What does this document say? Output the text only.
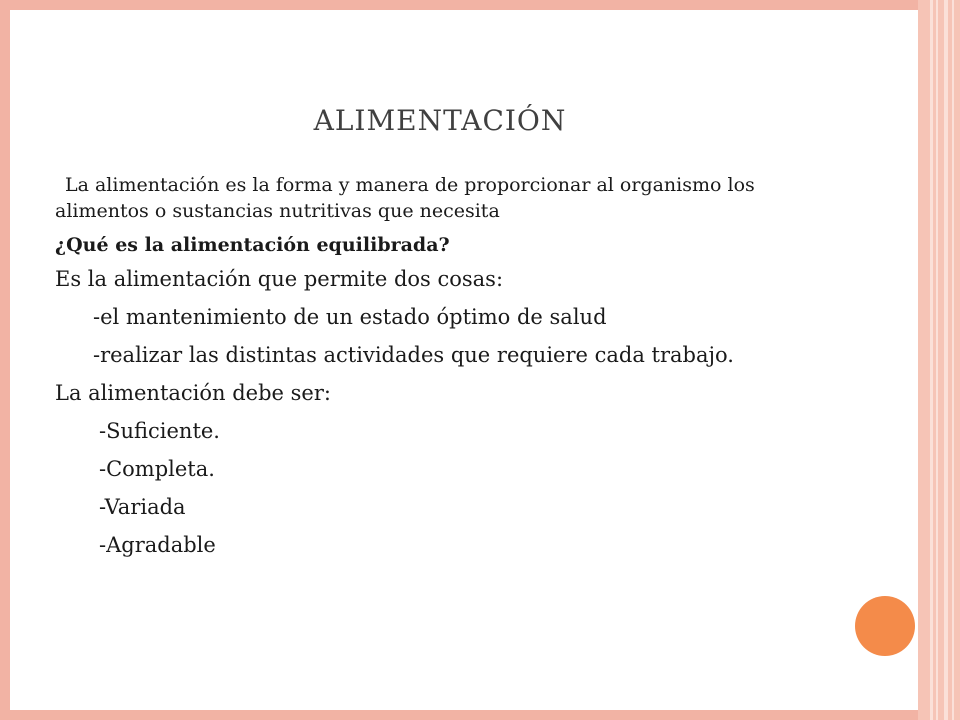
ALIMENTACIÓN

La alimentación es la forma y manera de proporcionar al organismo los alimentos o sustancias nutritivas que necesita

¿Qué es la alimentación equilibrada?

Es la alimentación que permite dos cosas:

-el mantenimiento de un estado óptimo de salud

-realizar las distintas actividades que requiere cada trabajo.

La alimentación debe ser:

-Suficiente.

-Completa.

-Variada

-Agradable
